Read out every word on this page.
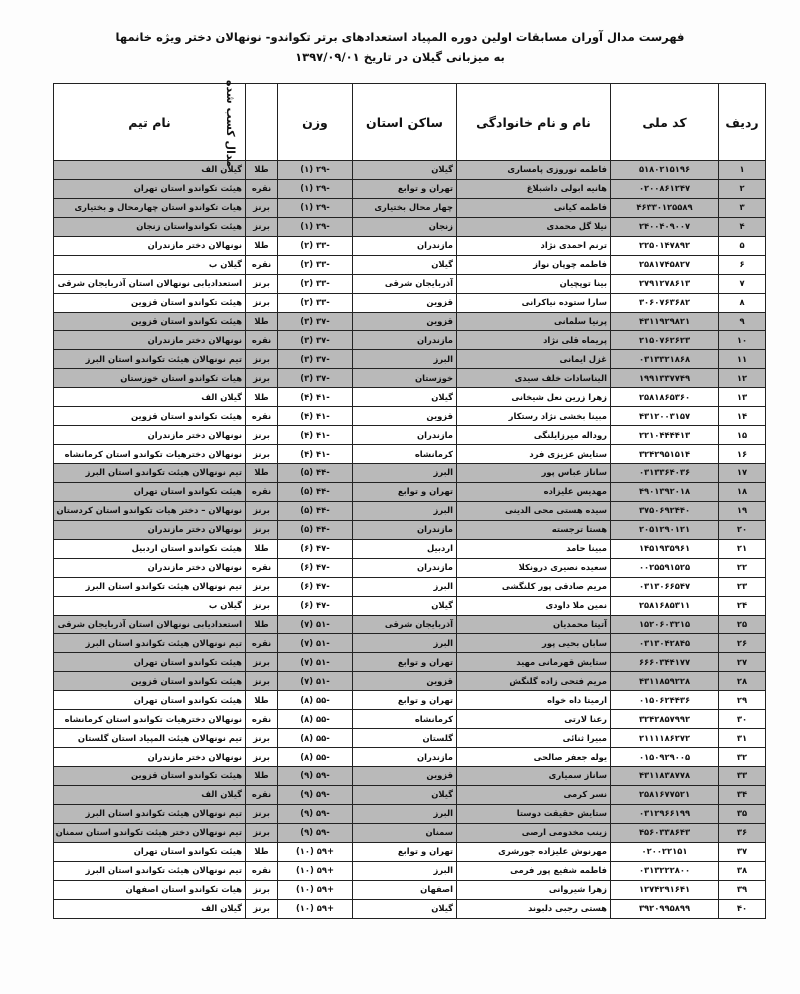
فهرست مدال آوران مسابقات اولین دوره المپیاد استعدادهای برتر تکواندو- نونهالان دختر ویژه خانمها
به میزبانی گیلان در تاریخ ۱۳۹۷/۰۹/۰۱
ردیف	کد ملی	نام و نام خانوادگی	ساکن استان	وزن	مدال کسب شده	نام تیم
۱	۵۱۸۰۲۱۵۱۹۶	فاطمه نوروزی پامساری	گیلان	-۲۹ (۱)	طلا	گیلان الف
۲	۰۲۰۰۸۶۱۲۴۷	هانیه ابولی داشبلاغ	تهران و توابع	-۲۹ (۱)	نقره	هیئت تکواندو استان تهران
۳	۴۶۳۳۰۱۲۵۵۸۹	فاطمه کیانی	چهار محال بختیاری	-۲۹ (۱)	برنز	هیات تکواندو استان چهارمحال و بختیاری
۴	۲۴۰۰۴۰۹۰۰۷	نیلا گل محمدی	زنجان	-۲۹ (۱)	برنز	هیئت تکواندواستان زنجان
۵	۲۲۵۰۱۴۷۸۹۲	ترنم احمدی نژاد	مازندران	-۳۳ (۲)	طلا	نونهالان دختر مازندران
۶	۲۵۸۱۷۴۵۸۲۷	فاطمه چوپان نواز	گیلان	-۳۳ (۲)	نقره	گیلان ب
۷	۲۷۹۱۲۷۸۶۱۳	بینا توپچیان	آذربایجان شرقی	-۳۳ (۲)	برنز	استعدادیابی نونهالان استان آذربایجان شرقی
۸	۳۰۶۰۷۶۳۶۸۲	سارا ستوده نیاکرانی	قزوین	-۳۳ (۲)	برنز	هیئت تکواندو استان قزوین
۹	۴۳۱۱۹۲۹۸۲۱	پرنیا سلمانی	قزوین	-۳۷ (۳)	طلا	هیئت تکواندو استان قزوین
۱۰	۲۱۵۰۷۶۲۶۲۳	پریماه قلی نژاد	مازندران	-۳۷ (۳)	نقره	نونهالان دختر مازندران
۱۱	۰۳۱۳۳۲۱۸۶۸	غزل ایمانی	البرز	-۳۷ (۳)	برنز	تیم نونهالان هیئت تکواندو استان البرز
۱۲	۱۹۹۱۳۳۷۷۴۹	الیناسادات خلف سیدی	خوزستان	-۳۷ (۳)	برنز	هیات تکواندو استان خوزستان
۱۳	۲۵۸۱۸۶۵۳۶۰	زهرا زرین نعل شیخانی	گیلان	-۴۱ (۴)	طلا	گیلان الف
۱۴	۴۳۱۲۰۰۳۱۵۷	مبینا بخشی نژاد رستکار	قزوین	-۴۱ (۴)	نقره	هیئت تکواندو استان قزوین
۱۵	۲۲۱۰۴۴۴۴۱۳	روداله میرزایلنگی	مازندران	-۴۱ (۴)	برنز	نونهالان دختر مازندران
۱۶	۳۲۴۲۹۵۱۵۱۴	ستایش عزیزی فرد	کرمانشاه	-۴۱ (۴)	برنز	نونهالان دخترهیات تکواندو استان کرمانشاه
۱۷	۰۳۱۳۳۶۴۰۳۶	ساناز عباس پور	البرز	-۴۴ (۵)	طلا	تیم نونهالان هیئت تکواندو استان البرز
۱۸	۴۹۰۱۳۹۲۰۱۸	مهدیس علیزاده	تهران و توابع	-۴۴ (۵)	نقره	هیئت تکواندو استان تهران
۱۹	۳۷۵۰۶۹۲۴۴۰	سیده هستی محی الدینی	البرز	-۴۴ (۵)	برنز	نونهالان – دختر هیات تکواندو استان کردستان
۲۰	۲۰۵۱۲۹۰۱۲۱	هستا ترجسته	مازندران	-۴۴ (۵)	برنز	نونهالان دختر مازندران
۲۱	۱۴۵۱۹۳۵۹۶۱	مبینا حامد	اردبیل	-۴۷ (۶)	طلا	هیئت تکواندو استان اردبیل
۲۲	۰۰۲۵۵۹۱۵۲۵	سعیده نصیری درونکلا	مازندران	-۴۷ (۶)	نقره	نونهالان دختر مازندران
۲۳	۰۳۱۳۰۶۶۵۴۷	مریم صادقی پور کلنگشی	البرز	-۴۷ (۶)	برنز	تیم نونهالان هیئت تکواندو استان البرز
۲۴	۲۵۸۱۶۸۵۳۱۱	نمین ملا داودی	گیلان	-۴۷ (۶)	برنز	گیلان ب
۲۵	۱۵۲۰۶۰۳۲۱۵	آتیتا محمدیان	آذربایجان شرقی	-۵۱ (۷)	طلا	استعدادیابی نونهالان استان آذربایجان شرقی
۲۶	۰۳۱۳۰۴۲۸۴۵	سابان بحیی پور	البرز	-۵۱ (۷)	نقره	تیم نونهالان هیئت تکواندو استان البرز
۲۷	۶۶۶۰۳۴۴۱۷۷	ستایش قهرمانی مهید	تهران و توابع	-۵۱ (۷)	برنز	هیئت تکواندو استان تهران
۲۸	۴۳۱۱۸۵۹۲۲۸	مریم فتحی زاده گلنگش	قزوین	-۵۱ (۷)	برنز	هیئت تکواندو استان قزوین
۲۹	۰۱۵۰۶۲۴۴۳۶	ارمیتا داه خواه	تهران و توابع	-۵۵ (۸)	طلا	هیئت تکواندو استان تهران
۳۰	۳۲۴۲۸۵۷۹۹۲	رعنا لارتی	کرمانشاه	-۵۵ (۸)	نقره	نونهالان دخترهیات تکواندو استان کرمانشاه
۳۱	۲۱۱۱۱۸۶۲۷۲	مبیرا ثنائی	گلستان	-۵۵ (۸)	برنز	تیم نونهالان هیئت المپیاد استان گلستان
۳۲	۰۱۵۰۹۲۹۰۰۵	یوله جعفر صالحی	مازندران	-۵۵ (۸)	برنز	نونهالان دختر مازندران
۳۳	۴۳۱۱۸۳۸۷۷۸	ساناز سمیاری	قزوین	-۵۹ (۹)	طلا	هیئت تکواندو استان قزوین
۳۴	۲۵۸۱۶۷۷۵۲۱	نسر کرمی	گیلان	-۵۹ (۹)	نقره	گیلان الف
۳۵	۰۳۱۲۹۶۶۱۹۹	ستایش حقیقت دوستا	البرز	-۵۹ (۹)	برنز	تیم نونهالان هیئت تکواندو استان البرز
۳۶	۴۵۶۰۳۳۸۶۴۳	زینب مخدومی ارصی	سمنان	-۵۹ (۹)	برنز	تیم نونهالان دختر هیئت تکواندو استان سمنان
۳۷	۰۲۰۰۲۲۱۵۱	مهرنوش علیزاده جورشری	تهران و توابع	+۵۹ (۱۰)	طلا	هیئت تکواندو استان تهران
۳۸	۰۳۱۳۲۲۲۸۰۰	فاطمه شفیع پور فرمی	البرز	+۵۹ (۱۰)	نقره	تیم نونهالان هیئت تکواندو استان البرز
۳۹	۱۲۷۴۲۹۱۶۴۱	زهرا شیروانی	اصفهان	+۵۹ (۱۰)	برنز	هیات تکواندو استان اصفهان
۴۰	۳۹۲۰۹۹۵۸۹۹	هستی رجبی دلبوند	گیلان	+۵۹ (۱۰)	برنز	گیلان الف
